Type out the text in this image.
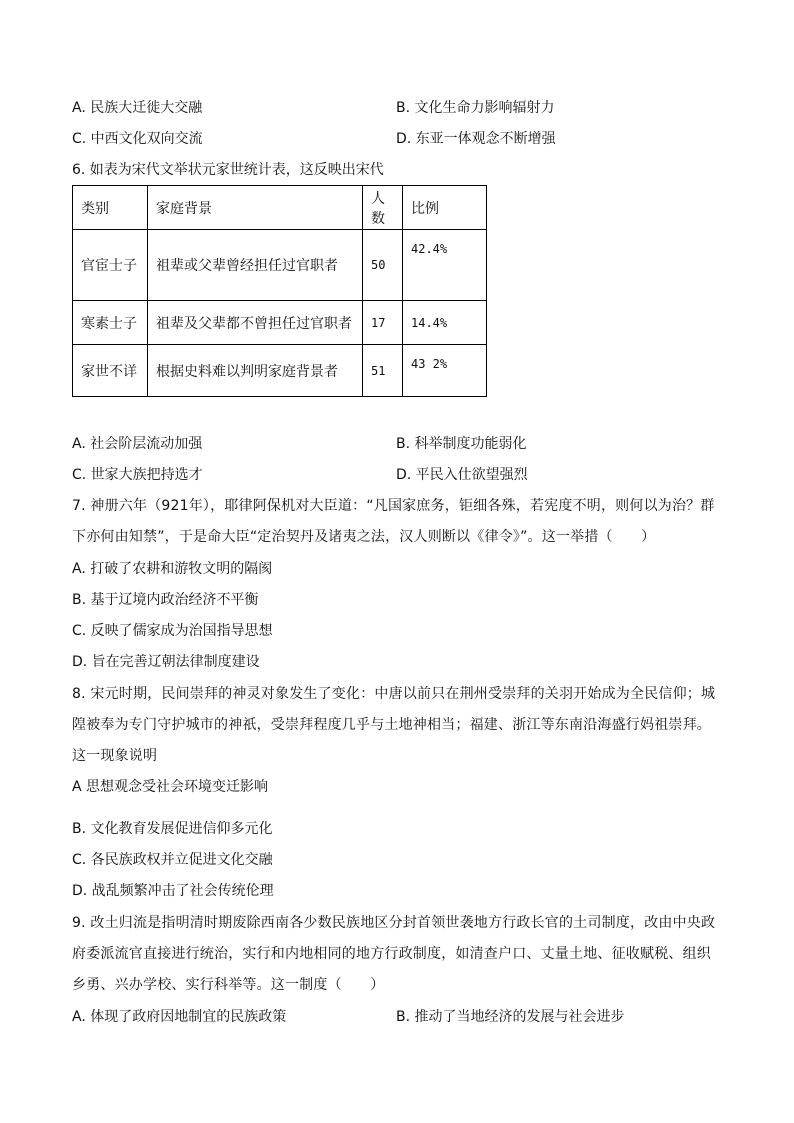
A. 民族大迁徙大交融	B. 文化生命力影响辐射力
C. 中西文化双向交流	D. 东亚一体观念不断增强
6. 如表为宋代文举状元家世统计表，这反映出宋代
类别	家庭背景	人数	比例
官宦士子	祖辈或父辈曾经担任过官职者	50	42.4%
寒素士子	祖辈及父辈都不曾担任过官职者	17	14.4%
家世不详	根据史料难以判明家庭背景者	51	43 2%
A. 社会阶层流动加强	B. 科举制度功能弱化
C. 世家大族把持选才	D. 平民入仕欲望强烈
7. 神册六年（921年），耶律阿保机对大臣道：“凡国家庶务，钜细各殊，若宪度不明，则何以为治？群下亦何由知禁”，于是命大臣“定治契丹及诸夷之法，汉人则断以《律令》”。这一举措（　　）
A. 打破了农耕和游牧文明的隔阂
B. 基于辽境内政治经济不平衡
C. 反映了儒家成为治国指导思想
D. 旨在完善辽朝法律制度建设
8. 宋元时期，民间崇拜的神灵对象发生了变化：中唐以前只在荆州受崇拜的关羽开始成为全民信仰；城隍被奉为专门守护城市的神祇，受崇拜程度几乎与土地神相当；福建、浙江等东南沿海盛行妈祖崇拜。这一现象说明
A 思想观念受社会环境变迁影响
B. 文化教育发展促进信仰多元化
C. 各民族政权并立促进文化交融
D. 战乱频繁冲击了社会传统伦理
9. 改土归流是指明清时期废除西南各少数民族地区分封首领世袭地方行政长官的土司制度，改由中央政府委派流官直接进行统治，实行和内地相同的地方行政制度，如清查户口、丈量土地、征收赋税、组织乡勇、兴办学校、实行科举等。这一制度（　　）
A. 体现了政府因地制宜的民族政策	B. 推动了当地经济的发展与社会进步
